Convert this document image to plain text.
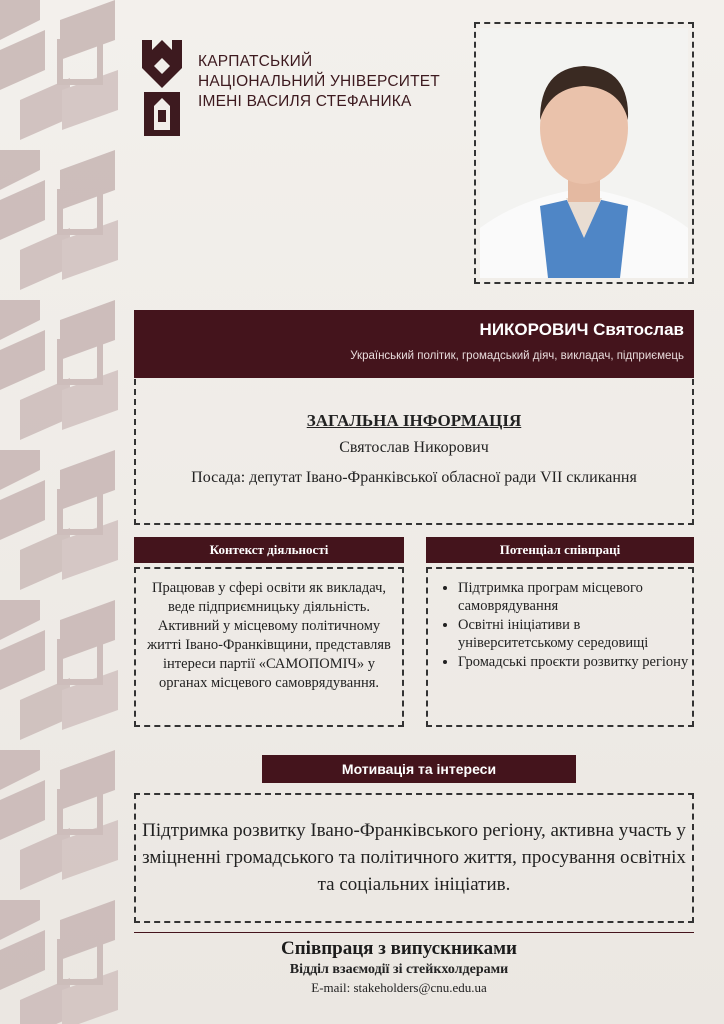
КАРПАТСЬКИЙ
НАЦІОНАЛЬНИЙ УНІВЕРСИТЕТ
ІМЕНІ ВАСИЛЯ СТЕФАНИКА
НИКОРОВИЧ Святослав
Український політик, громадський діяч, викладач, підприємець
ЗАГАЛЬНА ІНФОРМАЦІЯ
Святослав Никорович
Посада: депутат Івано-Франківської обласної ради VII скликання
Контекст діяльності
Працював у сфері освіти як викладач, веде підприємницьку діяльність. Активний у місцевому політичному житті Івано-Франківщини, представляв інтереси партії «САМОПОМІЧ» у органах місцевого самоврядування.
Потенціал співпраці
• Підтримка програм місцевого самоврядування
• Освітні ініціативи в університетському середовищі
• Громадські проєкти розвитку регіону
Мотивація та інтереси
Підтримка розвитку Івано-Франківського регіону, активна участь у зміцненні громадського та політичного життя, просування освітніх та соціальних ініціатив.
Співпраця з випускниками
Відділ взаємодії зі стейкхолдерами
E-mail: stakeholders@cnu.edu.ua
